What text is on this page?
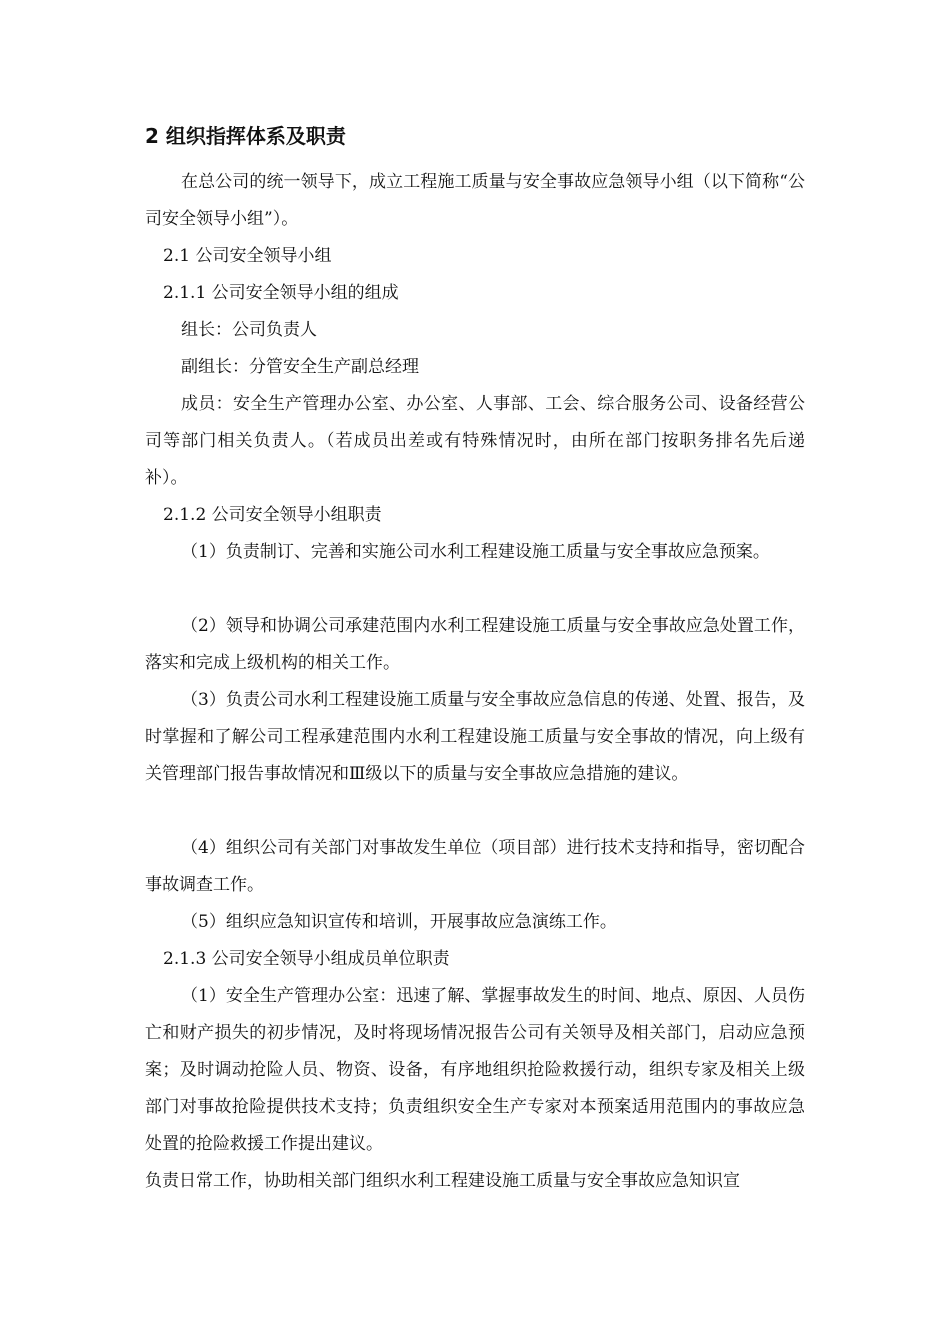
2 组织指挥体系及职责

在总公司的统一领导下，成立工程施工质量与安全事故应急领导小组（以下简称“公司安全领导小组”）。

2.1 公司安全领导小组

2.1.1 公司安全领导小组的组成

组长：公司负责人

副组长：分管安全生产副总经理

成员：安全生产管理办公室、办公室、人事部、工会、综合服务公司、设备经营公司等部门相关负责人。（若成员出差或有特殊情况时，由所在部门按职务排名先后递补）。

2.1.2 公司安全领导小组职责

（1）负责制订、完善和实施公司水利工程建设施工质量与安全事故应急预案。

（2）领导和协调公司承建范围内水利工程建设施工质量与安全事故应急处置工作，落实和完成上级机构的相关工作。

（3）负责公司水利工程建设施工质量与安全事故应急信息的传递、处置、报告，及时掌握和了解公司工程承建范围内水利工程建设施工质量与安全事故的情况，向上级有关管理部门报告事故情况和Ⅲ级以下的质量与安全事故应急措施的建议。

（4）组织公司有关部门对事故发生单位（项目部）进行技术支持和指导，密切配合事故调查工作。

（5）组织应急知识宣传和培训，开展事故应急演练工作。

2.1.3 公司安全领导小组成员单位职责

（1）安全生产管理办公室：迅速了解、掌握事故发生的时间、地点、原因、人员伤亡和财产损失的初步情况，及时将现场情况报告公司有关领导及相关部门，启动应急预案；及时调动抢险人员、物资、设备，有序地组织抢险救援行动，组织专家及相关上级部门对事故抢险提供技术支持；负责组织安全生产专家对本预案适用范围内的事故应急处置的抢险救援工作提出建议。

负责日常工作，协助相关部门组织水利工程建设施工质量与安全事故应急知识宣
